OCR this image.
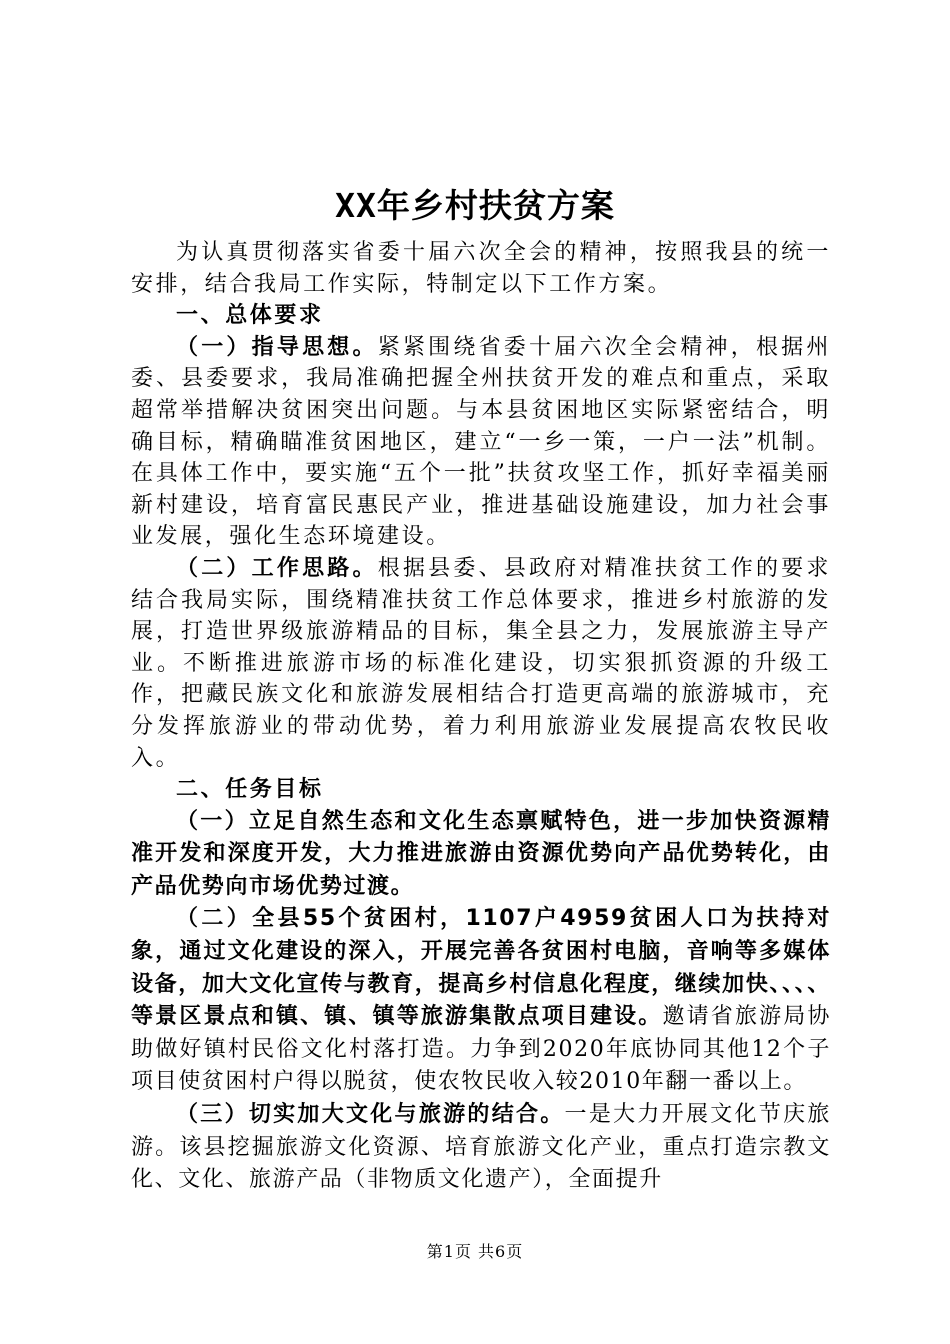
XX年乡村扶贫方案

为认真贯彻落实省委十届六次全会的精神，按照我县的统一安排，结合我局工作实际，特制定以下工作方案。

一、总体要求

（一）指导思想。紧紧围绕省委十届六次全会精神，根据州委、县委要求，我局准确把握全州扶贫开发的难点和重点，采取超常举措解决贫困突出问题。与本县贫困地区实际紧密结合，明确目标，精确瞄准贫困地区，建立“一乡一策，一户一法”机制。在具体工作中，要实施“五个一批”扶贫攻坚工作，抓好幸福美丽新村建设，培育富民惠民产业，推进基础设施建设，加力社会事业发展，强化生态环境建设。

（二）工作思路。根据县委、县政府对精准扶贫工作的要求结合我局实际，围绕精准扶贫工作总体要求，推进乡村旅游的发展，打造世界级旅游精品的目标，集全县之力，发展旅游主导产业。不断推进旅游市场的标准化建设，切实狠抓资源的升级工作，把藏民族文化和旅游发展相结合打造更高端的旅游城市，充分发挥旅游业的带动优势，着力利用旅游业发展提高农牧民收入。

二、任务目标

（一）立足自然生态和文化生态禀赋特色，进一步加快资源精准开发和深度开发，大力推进旅游由资源优势向产品优势转化，由产品优势向市场优势过渡。

（二）全县55个贫困村，1107户4959贫困人口为扶持对象，通过文化建设的深入，开展完善各贫困村电脑，音响等多媒体设备，加大文化宣传与教育，提高乡村信息化程度，继续加快、、、、等景区景点和镇、镇、镇等旅游集散点项目建设。邀请省旅游局协助做好镇村民俗文化村落打造。力争到2020年底协同其他12个子项目使贫困村户得以脱贫，使农牧民收入较2010年翻一番以上。

（三）切实加大文化与旅游的结合。一是大力开展文化节庆旅游。该县挖掘旅游文化资源、培育旅游文化产业，重点打造宗教文化、文化、旅游产品（非物质文化遗产），全面提升

第1页 共6页
